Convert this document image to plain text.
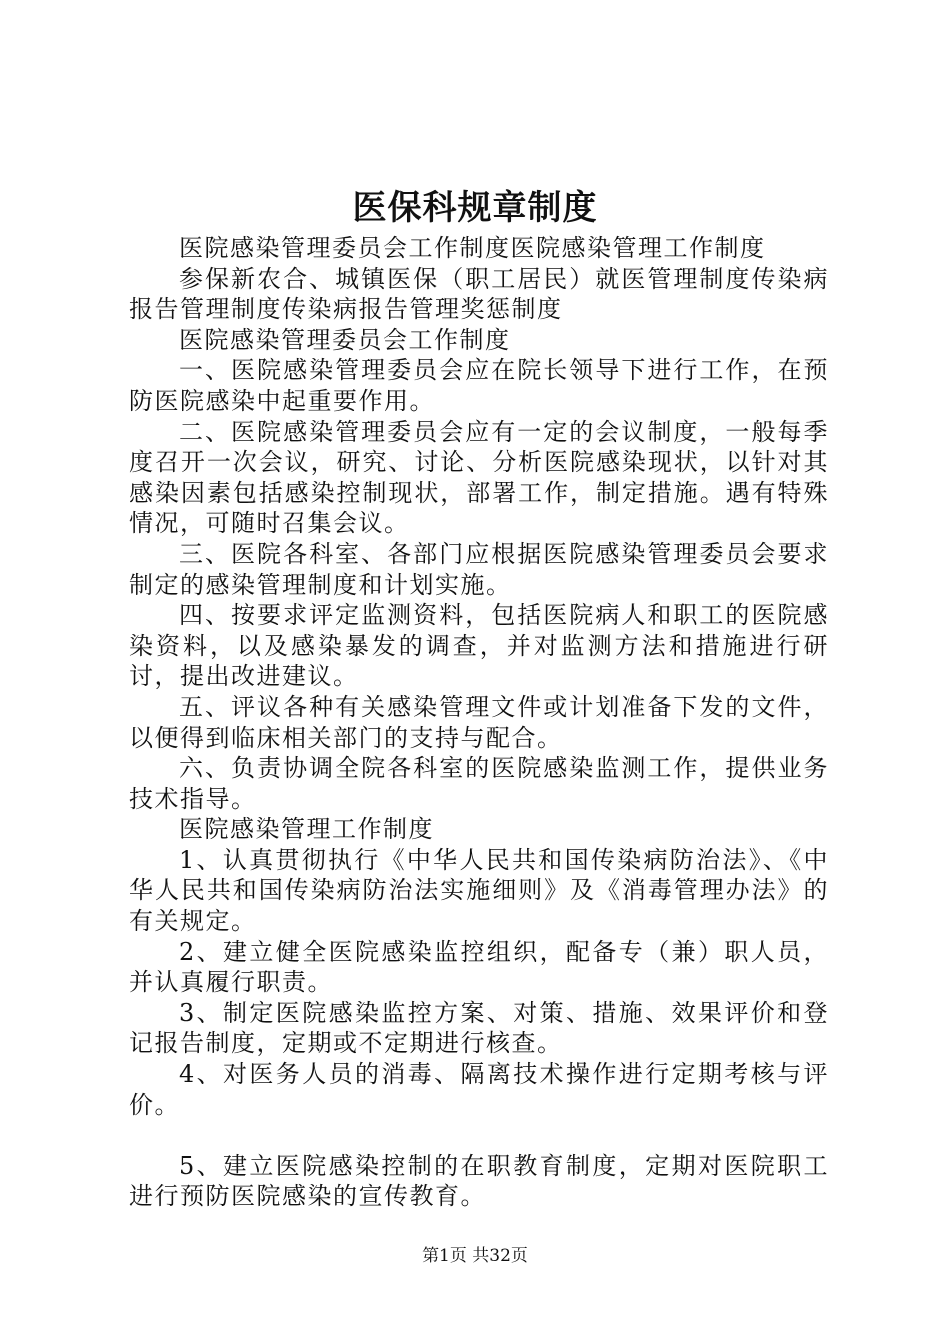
医保科规章制度

医院感染管理委员会工作制度医院感染管理工作制度

参保新农合、城镇医保（职工居民）就医管理制度传染病报告管理制度传染病报告管理奖惩制度

医院感染管理委员会工作制度

一、医院感染管理委员会应在院长领导下进行工作，在预防医院感染中起重要作用。

二、医院感染管理委员会应有一定的会议制度，一般每季度召开一次会议，研究、讨论、分析医院感染现状，以针对其感染因素包括感染控制现状，部署工作，制定措施。遇有特殊情况，可随时召集会议。

三、医院各科室、各部门应根据医院感染管理委员会要求制定的感染管理制度和计划实施。

四、按要求评定监测资料，包括医院病人和职工的医院感染资料，以及感染暴发的调查，并对监测方法和措施进行研讨，提出改进建议。

五、评议各种有关感染管理文件或计划准备下发的文件，以便得到临床相关部门的支持与配合。

六、负责协调全院各科室的医院感染监测工作，提供业务技术指导。

医院感染管理工作制度

1、认真贯彻执行《中华人民共和国传染病防治法》、《中华人民共和国传染病防治法实施细则》及《消毒管理办法》的有关规定。

2、建立健全医院感染监控组织，配备专（兼）职人员，并认真履行职责。

3、制定医院感染监控方案、对策、措施、效果评价和登记报告制度，定期或不定期进行核查。

4、对医务人员的消毒、隔离技术操作进行定期考核与评价。

5、建立医院感染控制的在职教育制度，定期对医院职工进行预防医院感染的宣传教育。

第1页 共32页
